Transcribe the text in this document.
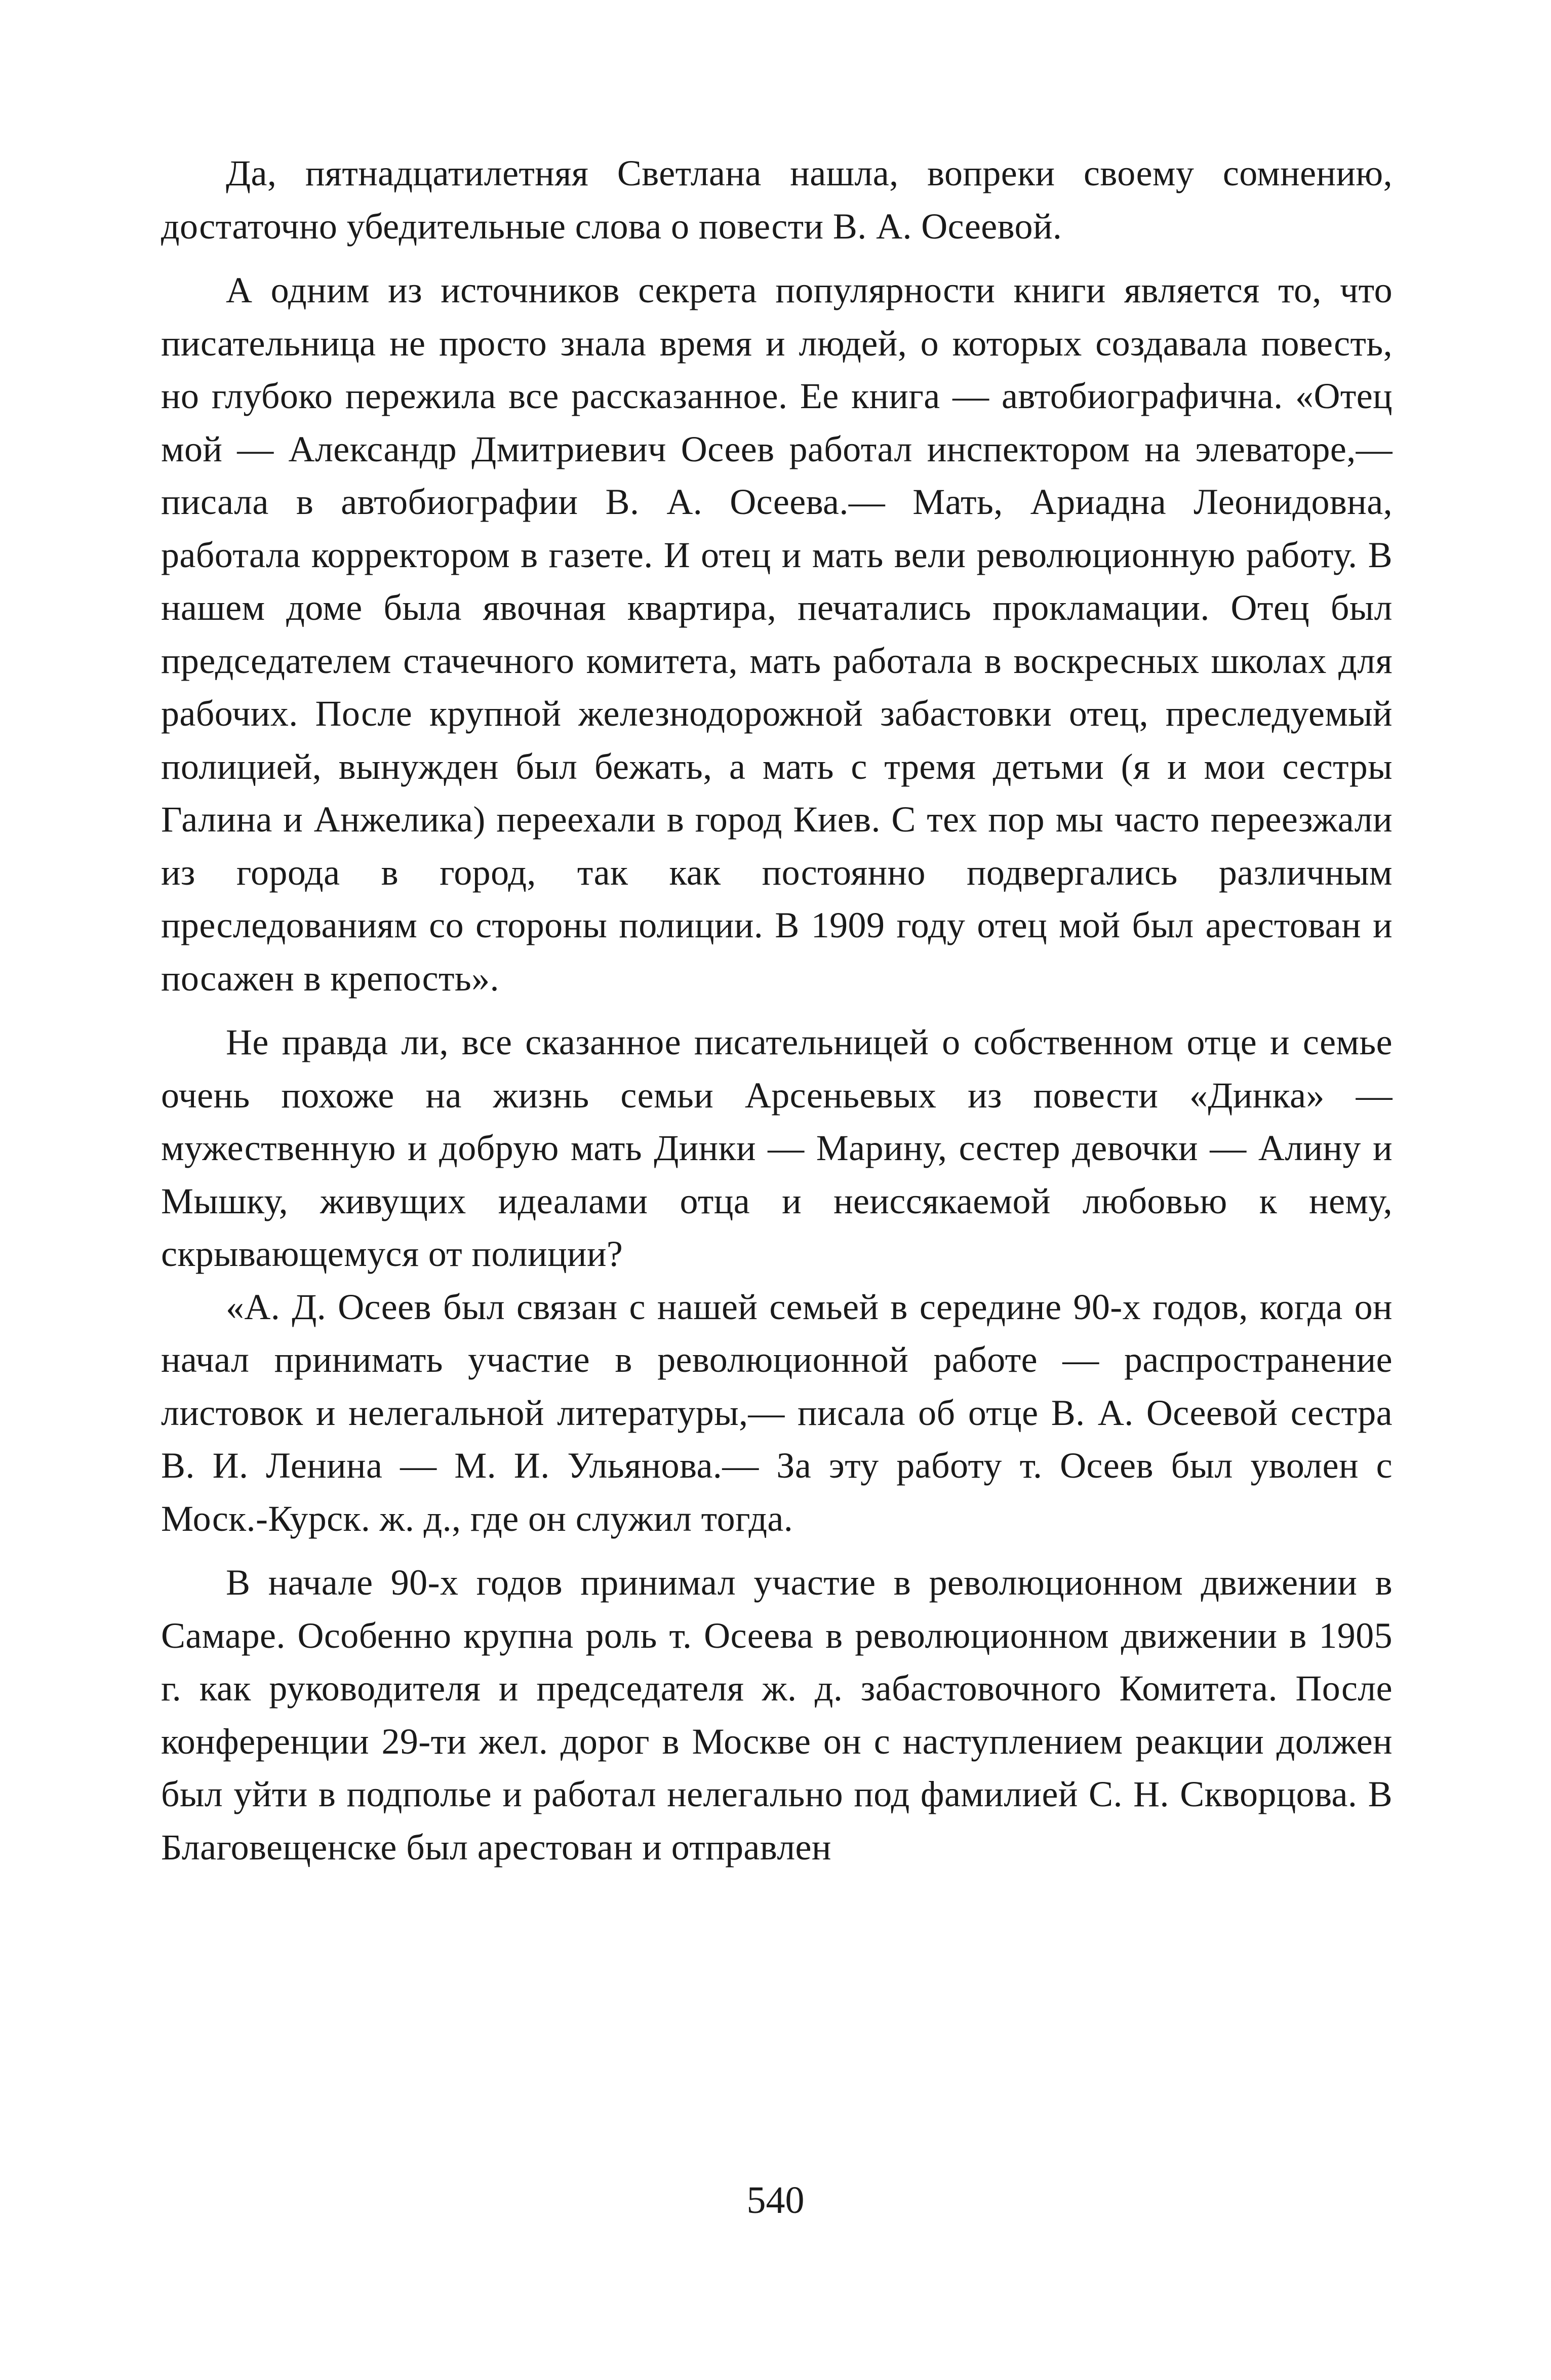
Да, пятнадцатилетняя Светлана нашла, вопреки своему сомнению, достаточно убедительные слова о повести В. А. Осеевой.

А одним из источников секрета популярности книги является то, что писательница не просто знала время и людей, о которых создавала повесть, но глубоко пережила все рассказанное. Ее книга — автобиографична. «Отец мой — Александр Дмитриевич Осеев работал инспектором на элеваторе,— писала в автобиографии В. А. Осеева.— Мать, Ариадна Леонидовна, работала корректором в газете. И отец и мать вели революционную работу. В нашем доме была явочная квартира, печатались прокламации. Отец был председателем стачечного комитета, мать работала в воскресных школах для рабочих. После крупной железнодорожной забастовки отец, преследуемый полицией, вынужден был бежать, а мать с тремя детьми (я и мои сестры Галина и Анжелика) переехали в город Киев. С тех пор мы часто переезжали из города в город, так как постоянно подвергались различным преследованиям со стороны полиции. В 1909 году отец мой был арестован и посажен в крепость».

Не правда ли, все сказанное писательницей о собственном отце и семье очень похоже на жизнь семьи Арсеньевых из повести «Динка» — мужественную и добрую мать Динки — Марину, сестер девочки — Алину и Мышку, живущих идеалами отца и неиссякаемой любовью к нему, скрывающемуся от полиции?

«А. Д. Осеев был связан с нашей семьей в середине 90-х годов, когда он начал принимать участие в революционной работе — распространение листовок и нелегальной литературы,— писала об отце В. А. Осеевой сестра В. И. Ленина — М. И. Ульянова.— За эту работу т. Осеев был уволен с Моск.-Курск. ж. д., где он служил тогда.

В начале 90-х годов принимал участие в революционном движении в Самаре. Особенно крупна роль т. Осеева в революционном движении в 1905 г. как руководителя и председателя ж. д. забастовочного Комитета. После конференции 29-ти жел. дорог в Москве он с наступлением реакции должен был уйти в подполье и работал нелегально под фамилией С. Н. Скворцова. В Благовещенске был арестован и отправлен

540
